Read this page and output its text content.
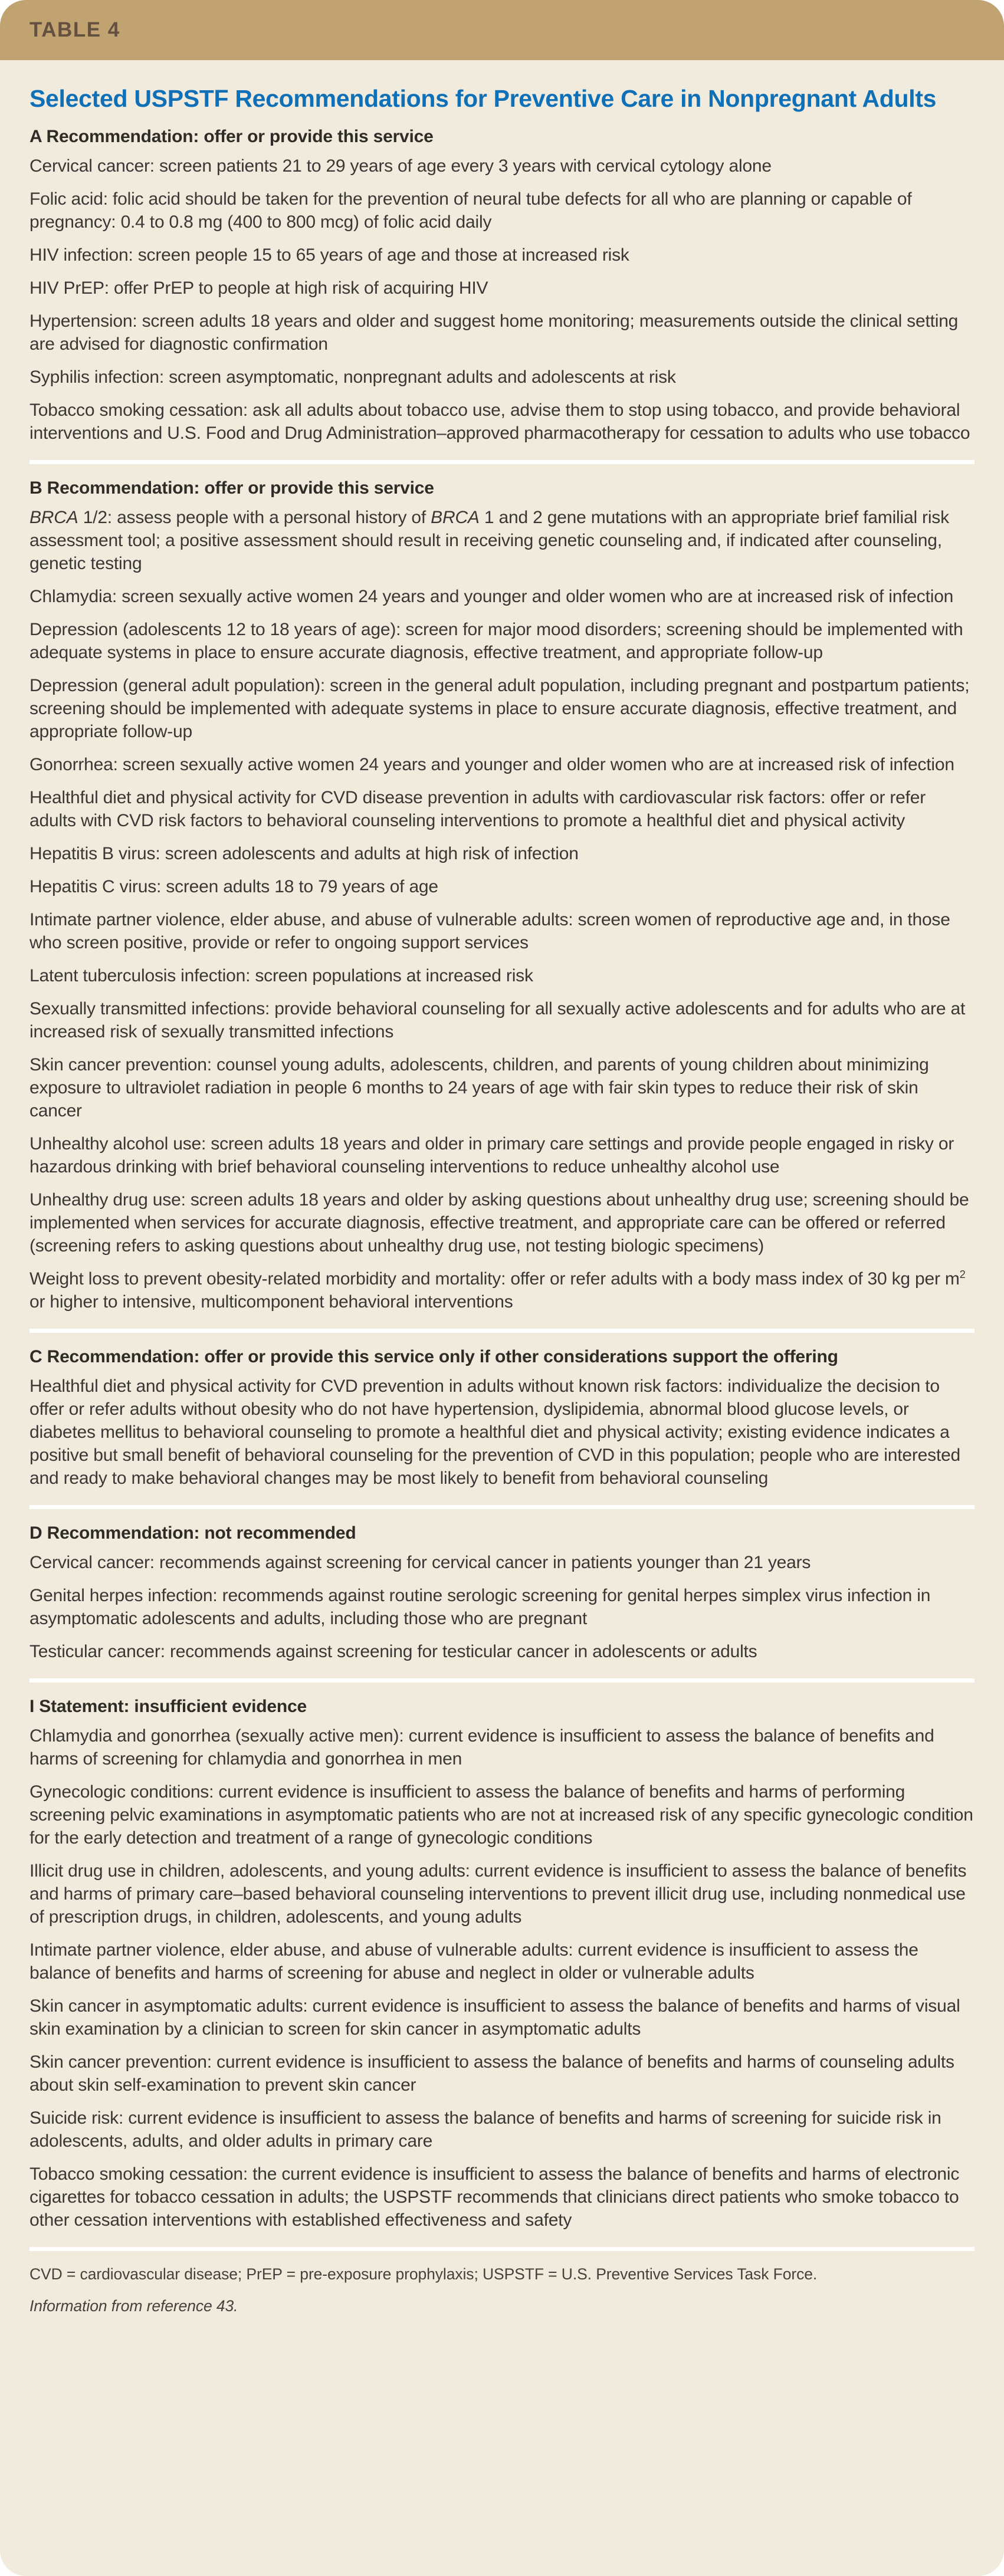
TABLE 4
Selected USPSTF Recommendations for Preventive Care in Nonpregnant Adults
A Recommendation: offer or provide this service

Cervical cancer: screen patients 21 to 29 years of age every 3 years with cervical cytology alone

Folic acid: folic acid should be taken for the prevention of neural tube defects for all who are planning or capable of pregnancy: 0.4 to 0.8 mg (400 to 800 mcg) of folic acid daily

HIV infection: screen people 15 to 65 years of age and those at increased risk

HIV PrEP: offer PrEP to people at high risk of acquiring HIV

Hypertension: screen adults 18 years and older and suggest home monitoring; measurements outside the clinical setting are advised for diagnostic confirmation

Syphilis infection: screen asymptomatic, nonpregnant adults and adolescents at risk

Tobacco smoking cessation: ask all adults about tobacco use, advise them to stop using tobacco, and provide behavioral interventions and U.S. Food and Drug Administration–approved pharmacotherapy for cessation to adults who use tobacco

B Recommendation: offer or provide this service

BRCA 1/2: assess people with a personal history of BRCA 1 and 2 gene mutations with an appropriate brief familial risk assessment tool; a positive assessment should result in receiving genetic counseling and, if indicated after counseling, genetic testing

Chlamydia: screen sexually active women 24 years and younger and older women who are at increased risk of infection

Depression (adolescents 12 to 18 years of age): screen for major mood disorders; screening should be implemented with adequate systems in place to ensure accurate diagnosis, effective treatment, and appropriate follow-up

Depression (general adult population): screen in the general adult population, including pregnant and postpartum patients; screening should be implemented with adequate systems in place to ensure accurate diagnosis, effective treatment, and appropriate follow-up

Gonorrhea: screen sexually active women 24 years and younger and older women who are at increased risk of infection

Healthful diet and physical activity for CVD disease prevention in adults with cardiovascular risk factors: offer or refer adults with CVD risk factors to behavioral counseling interventions to promote a healthful diet and physical activity

Hepatitis B virus: screen adolescents and adults at high risk of infection

Hepatitis C virus: screen adults 18 to 79 years of age

Intimate partner violence, elder abuse, and abuse of vulnerable adults: screen women of reproductive age and, in those who screen positive, provide or refer to ongoing support services

Latent tuberculosis infection: screen populations at increased risk

Sexually transmitted infections: provide behavioral counseling for all sexually active adolescents and for adults who are at increased risk of sexually transmitted infections

Skin cancer prevention: counsel young adults, adolescents, children, and parents of young children about minimizing exposure to ultraviolet radiation in people 6 months to 24 years of age with fair skin types to reduce their risk of skin cancer

Unhealthy alcohol use: screen adults 18 years and older in primary care settings and provide people engaged in risky or hazardous drinking with brief behavioral counseling interventions to reduce unhealthy alcohol use

Unhealthy drug use: screen adults 18 years and older by asking questions about unhealthy drug use; screening should be implemented when services for accurate diagnosis, effective treatment, and appropriate care can be offered or referred (screening refers to asking questions about unhealthy drug use, not testing biologic specimens)

Weight loss to prevent obesity-related morbidity and mortality: offer or refer adults with a body mass index of 30 kg per $m^2$ or higher to intensive, multicomponent behavioral interventions

C Recommendation: offer or provide this service only if other considerations support the offering

Healthful diet and physical activity for CVD prevention in adults without known risk factors: individualize the decision to offer or refer adults without obesity who do not have hypertension, dyslipidemia, abnormal blood glucose levels, or diabetes mellitus to behavioral counseling to promote a healthful diet and physical activity; existing evidence indicates a positive but small benefit of behavioral counseling for the prevention of CVD in this population; people who are interested and ready to make behavioral changes may be most likely to benefit from behavioral counseling

D Recommendation: not recommended

Cervical cancer: recommends against screening for cervical cancer in patients younger than 21 years

Genital herpes infection: recommends against routine serologic screening for genital herpes simplex virus infection in asymptomatic adolescents and adults, including those who are pregnant

Testicular cancer: recommends against screening for testicular cancer in adolescents or adults

I Statement: insufficient evidence

Chlamydia and gonorrhea (sexually active men): current evidence is insufficient to assess the balance of benefits and harms of screening for chlamydia and gonorrhea in men

Gynecologic conditions: current evidence is insufficient to assess the balance of benefits and harms of performing screening pelvic examinations in asymptomatic patients who are not at increased risk of any specific gynecologic condition for the early detection and treatment of a range of gynecologic conditions

Illicit drug use in children, adolescents, and young adults: current evidence is insufficient to assess the balance of benefits and harms of primary care–based behavioral counseling interventions to prevent illicit drug use, including nonmedical use of prescription drugs, in children, adolescents, and young adults

Intimate partner violence, elder abuse, and abuse of vulnerable adults: current evidence is insufficient to assess the balance of benefits and harms of screening for abuse and neglect in older or vulnerable adults

Skin cancer in asymptomatic adults: current evidence is insufficient to assess the balance of benefits and harms of visual skin examination by a clinician to screen for skin cancer in asymptomatic adults

Skin cancer prevention: current evidence is insufficient to assess the balance of benefits and harms of counseling adults about skin self-examination to prevent skin cancer

Suicide risk: current evidence is insufficient to assess the balance of benefits and harms of screening for suicide risk in adolescents, adults, and older adults in primary care

Tobacco smoking cessation: the current evidence is insufficient to assess the balance of benefits and harms of electronic cigarettes for tobacco cessation in adults; the USPSTF recommends that clinicians direct patients who smoke tobacco to other cessation interventions with established effectiveness and safety

CVD = cardiovascular disease; PrEP = pre-exposure prophylaxis; USPSTF = U.S. Preventive Services Task Force.

Information from reference 43.
